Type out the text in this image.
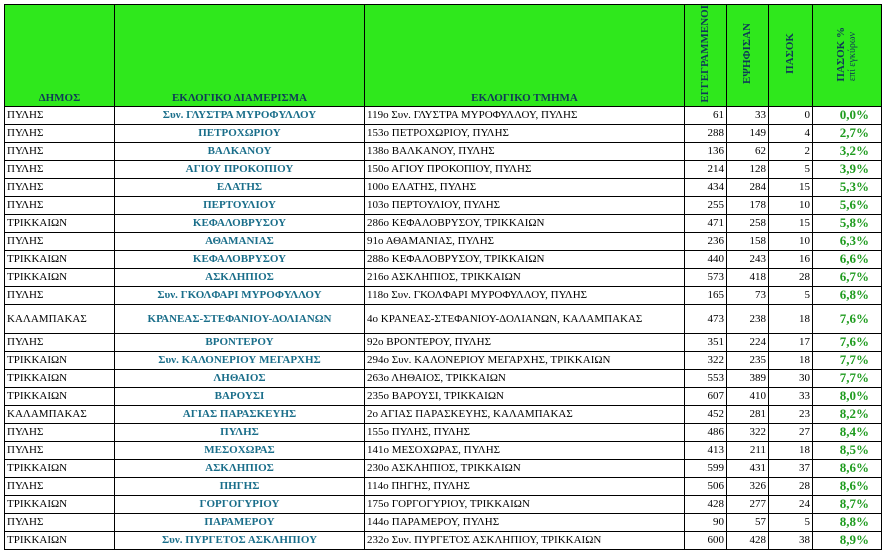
ΔΗΜΟΣ	ΕΚΛΟΓΙΚΟ ΔΙΑΜΕΡΙΣΜΑ	ΕΚΛΟΓΙΚΟ ΤΜΗΜΑ	ΕΓΓΕΓΡΑΜΜΕΝΟΙ	ΕΨΗΦΙΣΑΝ	ΠΑΣΟΚ	ΠΑΣΟΚ %επί εγκύρων
ΠΥΛΗΣ	Συν. ΓΛΥΣΤΡΑ ΜΥΡΟΦΥΛΛΟΥ	119ο Συν. ΓΛΥΣΤΡΑ ΜΥΡΟΦΥΛΛΟΥ, ΠΥΛΗΣ	61	33	0	0,0%
ΠΥΛΗΣ	ΠΕΤΡΟΧΩΡΙΟΥ	153ο ΠΕΤΡΟΧΩΡΙΟΥ, ΠΥΛΗΣ	288	149	4	2,7%
ΠΥΛΗΣ	ΒΑΛΚΑΝΟΥ	138ο ΒΑΛΚΑΝΟΥ, ΠΥΛΗΣ	136	62	2	3,2%
ΠΥΛΗΣ	ΑΓΙΟΥ ΠΡΟΚΟΠΙΟΥ	150ο ΑΓΙΟΥ ΠΡΟΚΟΠΙΟΥ, ΠΥΛΗΣ	214	128	5	3,9%
ΠΥΛΗΣ	ΕΛΑΤΗΣ	100ο ΕΛΑΤΗΣ, ΠΥΛΗΣ	434	284	15	5,3%
ΠΥΛΗΣ	ΠΕΡΤΟΥΛΙΟΥ	103ο ΠΕΡΤΟΥΛΙΟΥ, ΠΥΛΗΣ	255	178	10	5,6%
ΤΡΙΚΚΑΙΩΝ	ΚΕΦΑΛΟΒΡΥΣΟΥ	286ο ΚΕΦΑΛΟΒΡΥΣΟΥ, ΤΡΙΚΚΑΙΩΝ	471	258	15	5,8%
ΠΥΛΗΣ	ΑΘΑΜΑΝΙΑΣ	91ο ΑΘΑΜΑΝΙΑΣ, ΠΥΛΗΣ	236	158	10	6,3%
ΤΡΙΚΚΑΙΩΝ	ΚΕΦΑΛΟΒΡΥΣΟΥ	288ο ΚΕΦΑΛΟΒΡΥΣΟΥ, ΤΡΙΚΚΑΙΩΝ	440	243	16	6,6%
ΤΡΙΚΚΑΙΩΝ	ΑΣΚΛΗΠΙΟΣ	216ο ΑΣΚΛΗΠΙΟΣ, ΤΡΙΚΚΑΙΩΝ	573	418	28	6,7%
ΠΥΛΗΣ	Συν. ΓΚΟΛΦΑΡΙ ΜΥΡΟΦΥΛΛΟΥ	118ο Συν. ΓΚΟΛΦΑΡΙ ΜΥΡΟΦΥΛΛΟΥ, ΠΥΛΗΣ	165	73	5	6,8%
ΚΑΛΑΜΠΑΚΑΣ	ΚΡΑΝΕΑΣ-ΣΤΕΦΑΝΙΟΥ-ΔΟΛΙΑΝΩΝ	4ο ΚΡΑΝΕΑΣ-ΣΤΕΦΑΝΙΟΥ-ΔΟΛΙΑΝΩΝ, ΚΑΛΑΜΠΑΚΑΣ	473	238	18	7,6%
ΠΥΛΗΣ	ΒΡΟΝΤΕΡΟΥ	92ο ΒΡΟΝΤΕΡΟΥ, ΠΥΛΗΣ	351	224	17	7,6%
ΤΡΙΚΚΑΙΩΝ	Συν. ΚΑΛΟΝΕΡΙΟΥ ΜΕΓΑΡΧΗΣ	294ο Συν. ΚΑΛΟΝΕΡΙΟΥ ΜΕΓΑΡΧΗΣ, ΤΡΙΚΚΑΙΩΝ	322	235	18	7,7%
ΤΡΙΚΚΑΙΩΝ	ΛΗΘΑΙΟΣ	263ο ΛΗΘΑΙΟΣ, ΤΡΙΚΚΑΙΩΝ	553	389	30	7,7%
ΤΡΙΚΚΑΙΩΝ	ΒΑΡΟΥΣΙ	235ο ΒΑΡΟΥΣΙ, ΤΡΙΚΚΑΙΩΝ	607	410	33	8,0%
ΚΑΛΑΜΠΑΚΑΣ	ΑΓΙΑΣ ΠΑΡΑΣΚΕΥΗΣ	2ο ΑΓΙΑΣ ΠΑΡΑΣΚΕΥΗΣ, ΚΑΛΑΜΠΑΚΑΣ	452	281	23	8,2%
ΠΥΛΗΣ	ΠΥΛΗΣ	155ο ΠΥΛΗΣ, ΠΥΛΗΣ	486	322	27	8,4%
ΠΥΛΗΣ	ΜΕΣΟΧΩΡΑΣ	141ο ΜΕΣΟΧΩΡΑΣ, ΠΥΛΗΣ	413	211	18	8,5%
ΤΡΙΚΚΑΙΩΝ	ΑΣΚΛΗΠΙΟΣ	230ο ΑΣΚΛΗΠΙΟΣ, ΤΡΙΚΚΑΙΩΝ	599	431	37	8,6%
ΠΥΛΗΣ	ΠΗΓΗΣ	114ο ΠΗΓΗΣ, ΠΥΛΗΣ	506	326	28	8,6%
ΤΡΙΚΚΑΙΩΝ	ΓΟΡΓΟΓΥΡΙΟΥ	175ο ΓΟΡΓΟΓΥΡΙΟΥ, ΤΡΙΚΚΑΙΩΝ	428	277	24	8,7%
ΠΥΛΗΣ	ΠΑΡΑΜΕΡΟΥ	144ο ΠΑΡΑΜΕΡΟΥ, ΠΥΛΗΣ	90	57	5	8,8%
ΤΡΙΚΚΑΙΩΝ	Συν. ΠΥΡΓΕΤΟΣ ΑΣΚΛΗΠΙΟΥ	232ο Συν. ΠΥΡΓΕΤΟΣ ΑΣΚΛΗΠΙΟΥ, ΤΡΙΚΚΑΙΩΝ	600	428	38	8,9%
